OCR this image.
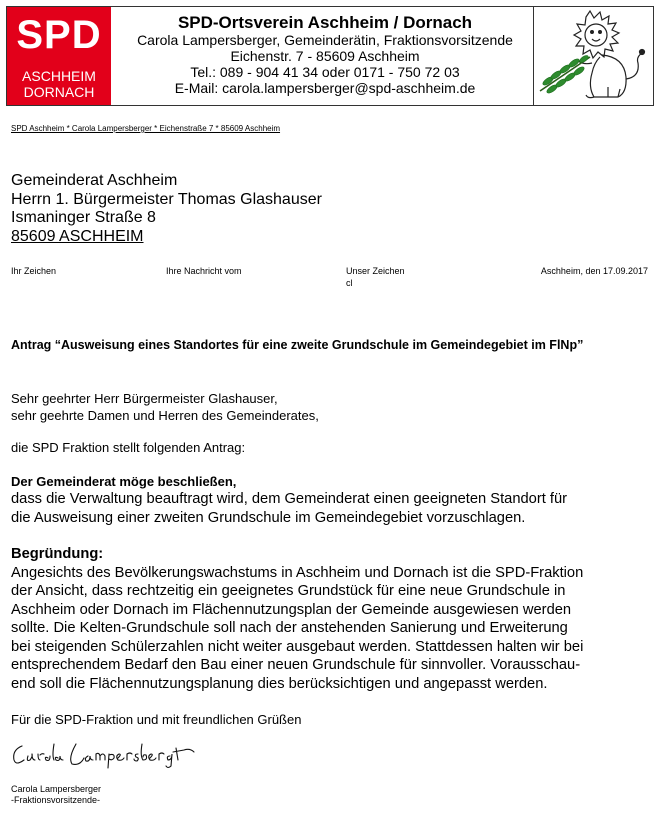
SPD
ASCHHEIM
DORNACH
SPD-Ortsverein Aschheim / Dornach
Carola Lampersberger, Gemeinderätin, Fraktionsvorsitzende
Eichenstr. 7 - 85609 Aschheim
Tel.: 089 - 904 41 34 oder 0171 - 750 72 03
E-Mail: carola.lampersberger@spd-aschheim.de
SPD Aschheim * Carola Lampersberger * Eichenstraße 7 * 85609 Aschheim
Gemeinderat Aschheim
Herrn 1. Bürgermeister Thomas Glashauser
Ismaninger Straße 8
85609 ASCHHEIM
Ihr Zeichen	Ihre Nachricht vom	Unser Zeichen
cl
Aschheim, den 17.09.2017
Antrag “Ausweisung eines Standortes für eine zweite Grundschule im Gemeindegebiet im FlNp”
Sehr geehrter Herr Bürgermeister Glashauser,
sehr geehrte Damen und Herren des Gemeinderates,
die SPD Fraktion stellt folgenden Antrag:
Der Gemeinderat möge beschließen,
dass die Verwaltung beauftragt wird, dem Gemeinderat einen geeigneten Standort für
die Ausweisung einer zweiten Grundschule im Gemeindegebiet vorzuschlagen.
Begründung:
Angesichts des Bevölkerungswachstums in Aschheim und Dornach ist die SPD-Fraktion
der Ansicht, dass rechtzeitig ein geeignetes Grundstück für eine neue Grundschule in
Aschheim oder Dornach im Flächennutzungsplan der Gemeinde ausgewiesen werden
sollte. Die Kelten-Grundschule soll nach der anstehenden Sanierung und Erweiterung
bei steigenden Schülerzahlen nicht weiter ausgebaut werden. Stattdessen halten wir bei
entsprechendem Bedarf den Bau einer neuen Grundschule für sinnvoller. Vorausschau-
end soll die Flächennutzungsplanung dies berücksichtigen und angepasst werden.
Für die SPD-Fraktion und mit freundlichen Grüßen
Carola Lampersberger
-Fraktionsvorsitzende-
